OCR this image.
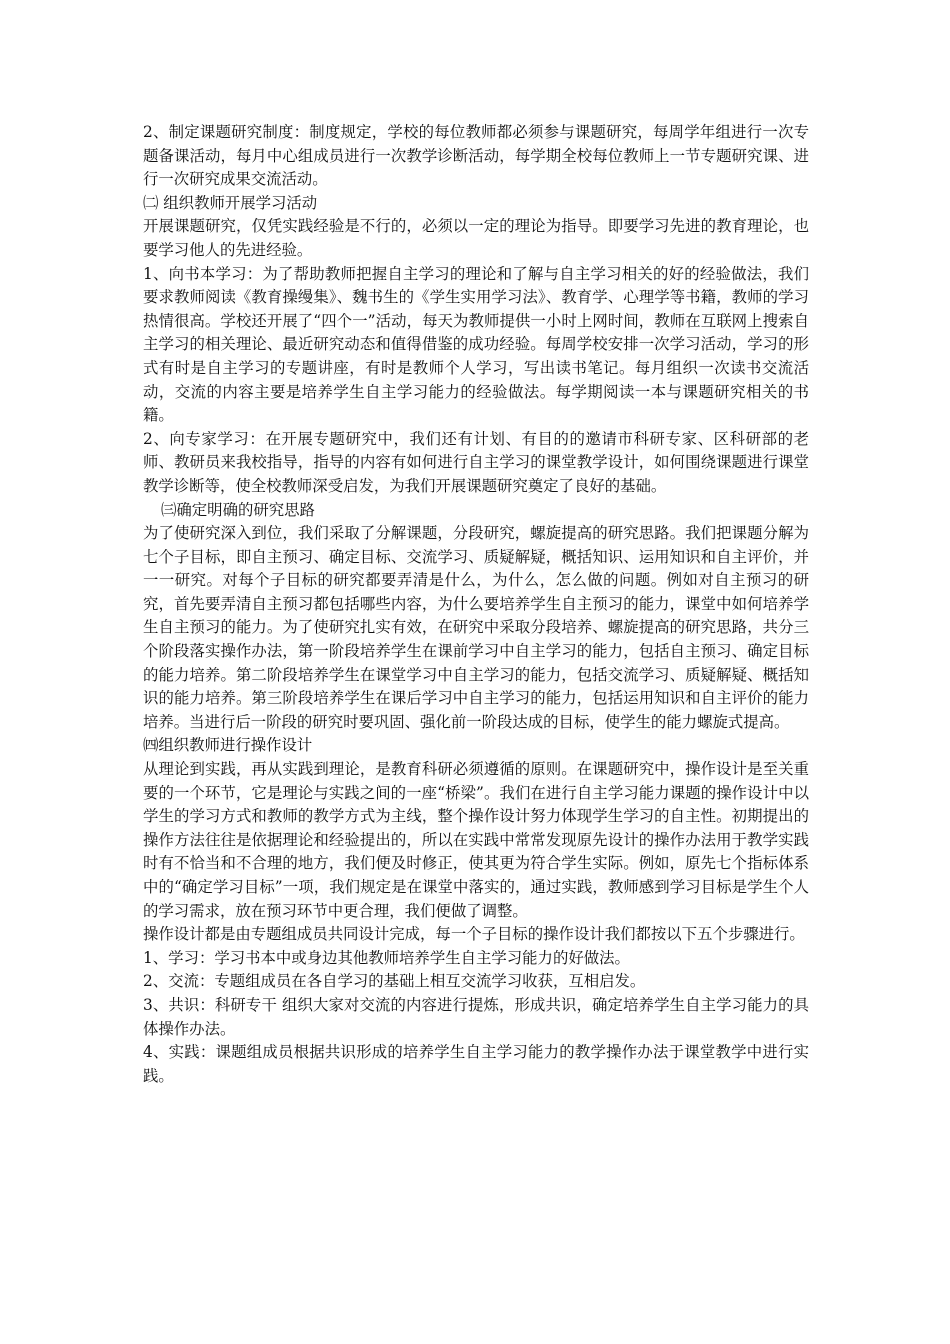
2、制定课题研究制度：制度规定，学校的每位教师都必须参与课题研究，每周学年组进行一次专题备课活动，每月中心组成员进行一次教学诊断活动，每学期全校每位教师上一节专题研究课、进行一次研究成果交流活动。

㈡ 组织教师开展学习活动

开展课题研究，仅凭实践经验是不行的，必须以一定的理论为指导。即要学习先进的教育理论，也要学习他人的先进经验。

1、向书本学习：为了帮助教师把握自主学习的理论和了解与自主学习相关的好的经验做法，我们要求教师阅读《教育操缦集》、魏书生的《学生实用学习法》、教育学、心理学等书籍，教师的学习热情很高。学校还开展了“四个一”活动，每天为教师提供一小时上网时间，教师在互联网上搜索自主学习的相关理论、最近研究动态和值得借鉴的成功经验。每周学校安排一次学习活动，学习的形式有时是自主学习的专题讲座，有时是教师个人学习，写出读书笔记。每月组织一次读书交流活动，交流的内容主要是培养学生自主学习能力的经验做法。每学期阅读一本与课题研究相关的书籍。

2、向专家学习：在开展专题研究中，我们还有计划、有目的的邀请市科研专家、区科研部的老师、教研员来我校指导，指导的内容有如何进行自主学习的课堂教学设计，如何围绕课题进行课堂教学诊断等，使全校教师深受启发，为我们开展课题研究奠定了良好的基础。

㈢确定明确的研究思路

为了使研究深入到位，我们采取了分解课题，分段研究，螺旋提高的研究思路。我们把课题分解为七个子目标，即自主预习、确定目标、交流学习、质疑解疑，概括知识、运用知识和自主评价，并一一研究。对每个子目标的研究都要弄清是什么，为什么，怎么做的问题。例如对自主预习的研究，首先要弄清自主预习都包括哪些内容，为什么要培养学生自主预习的能力，课堂中如何培养学生自主预习的能力。为了使研究扎实有效，在研究中采取分段培养、螺旋提高的研究思路，共分三个阶段落实操作办法，第一阶段培养学生在课前学习中自主学习的能力，包括自主预习、确定目标的能力培养。第二阶段培养学生在课堂学习中自主学习的能力，包括交流学习、质疑解疑、概括知识的能力培养。第三阶段培养学生在课后学习中自主学习的能力，包括运用知识和自主评价的能力培养。当进行后一阶段的研究时要巩固、强化前一阶段达成的目标，使学生的能力螺旋式提高。

㈣组织教师进行操作设计

从理论到实践，再从实践到理论，是教育科研必须遵循的原则。在课题研究中，操作设计是至关重要的一个环节，它是理论与实践之间的一座“桥梁”。我们在进行自主学习能力课题的操作设计中以学生的学习方式和教师的教学方式为主线，整个操作设计努力体现学生学习的自主性。初期提出的操作方法往往是依据理论和经验提出的，所以在实践中常常发现原先设计的操作办法用于教学实践时有不恰当和不合理的地方，我们便及时修正，使其更为符合学生实际。例如，原先七个指标体系中的“确定学习目标”一项，我们规定是在课堂中落实的，通过实践，教师感到学习目标是学生个人的学习需求，放在预习环节中更合理，我们便做了调整。

操作设计都是由专题组成员共同设计完成，每一个子目标的操作设计我们都按以下五个步骤进行。

1、学习：学习书本中或身边其他教师培养学生自主学习能力的好做法。

2、交流：专题组成员在各自学习的基础上相互交流学习收获，互相启发。

3、共识：科研专干 组织大家对交流的内容进行提炼，形成共识，确定培养学生自主学习能力的具体操作办法。

4、实践：课题组成员根据共识形成的培养学生自主学习能力的教学操作办法于课堂教学中进行实践。
